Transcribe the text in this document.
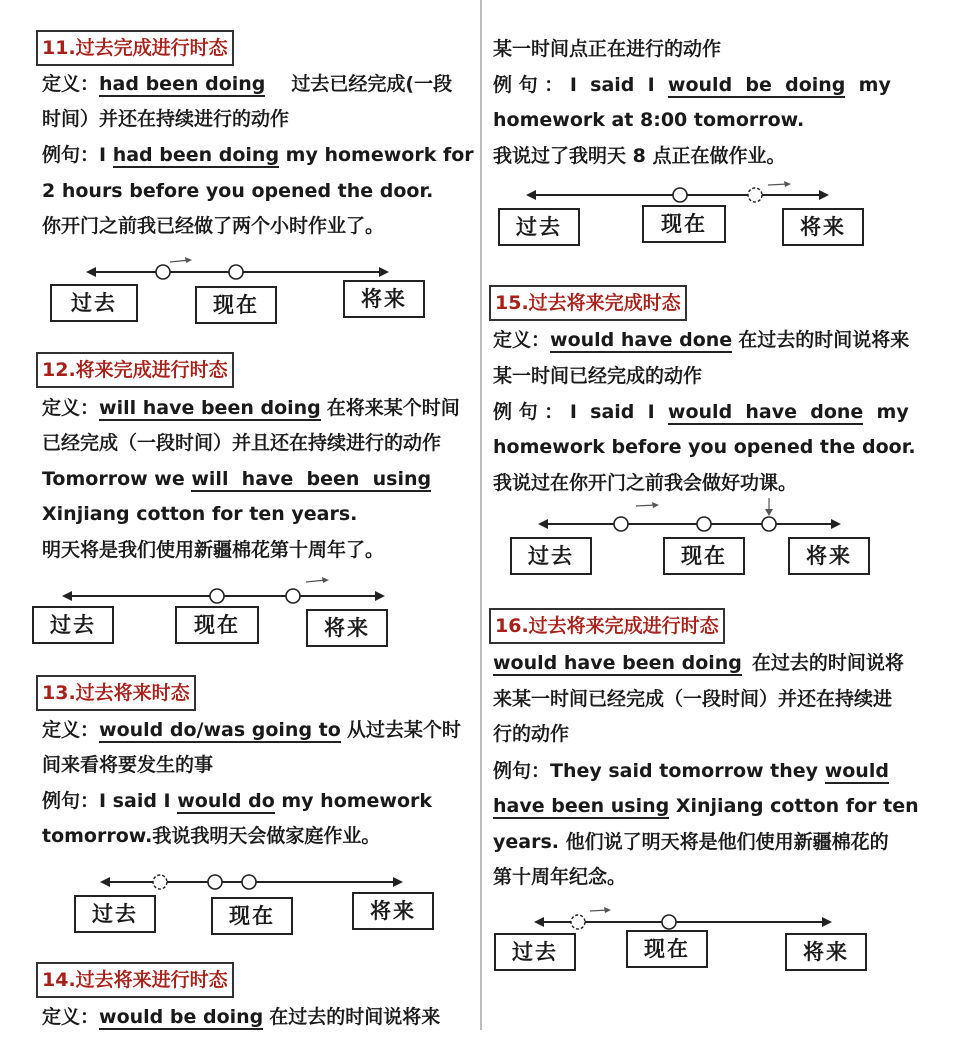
11.过去完成进行时态
定义：had been doing 过去已经完成(一段
时间）并还在持续进行的动作
例句：I had been doing my homework for
2 hours before you opened the door.
你开门之前我已经做了两个小时作业了。
过去	现在	将来
12.将来完成进行时态
定义：will have been doing 在将来某个时间
已经完成（一段时间）并且还在持续进行的动作
Tomorrow we will  have  been  using
Xinjiang cotton for ten years.
明天将是我们使用新疆棉花第十周年了。
过去	现在	将来
13.过去将来时态
定义：would do/was going to 从过去某个时
间来看将要发生的事
例句：I said I would do my homework
tomorrow.我说我明天会做家庭作业。
过去	现在	将来
14.过去将来进行时态
定义：would be doing 在过去的时间说将来
某一时间点正在进行的动作
例 句 ： I  said  I  would  be  doing  my
homework at 8:00 tomorrow.
我说过了我明天 8 点正在做作业。
过去	现在	将来
15.过去将来完成时态
定义：would have done 在过去的时间说将来
某一时间已经完成的动作
例 句 ： I  said  I  would  have  done  my
homework before you opened the door.
我说过在你开门之前我会做好功课。
过去	现在	将来
16.过去将来完成进行时态
would have been doing 在过去的时间说将
来某一时间已经完成（一段时间）并还在持续进
行的动作
例句：They said tomorrow they would
have been using Xinjiang cotton for ten
years. 他们说了明天将是他们使用新疆棉花的
第十周年纪念。
过去	现在	将来
